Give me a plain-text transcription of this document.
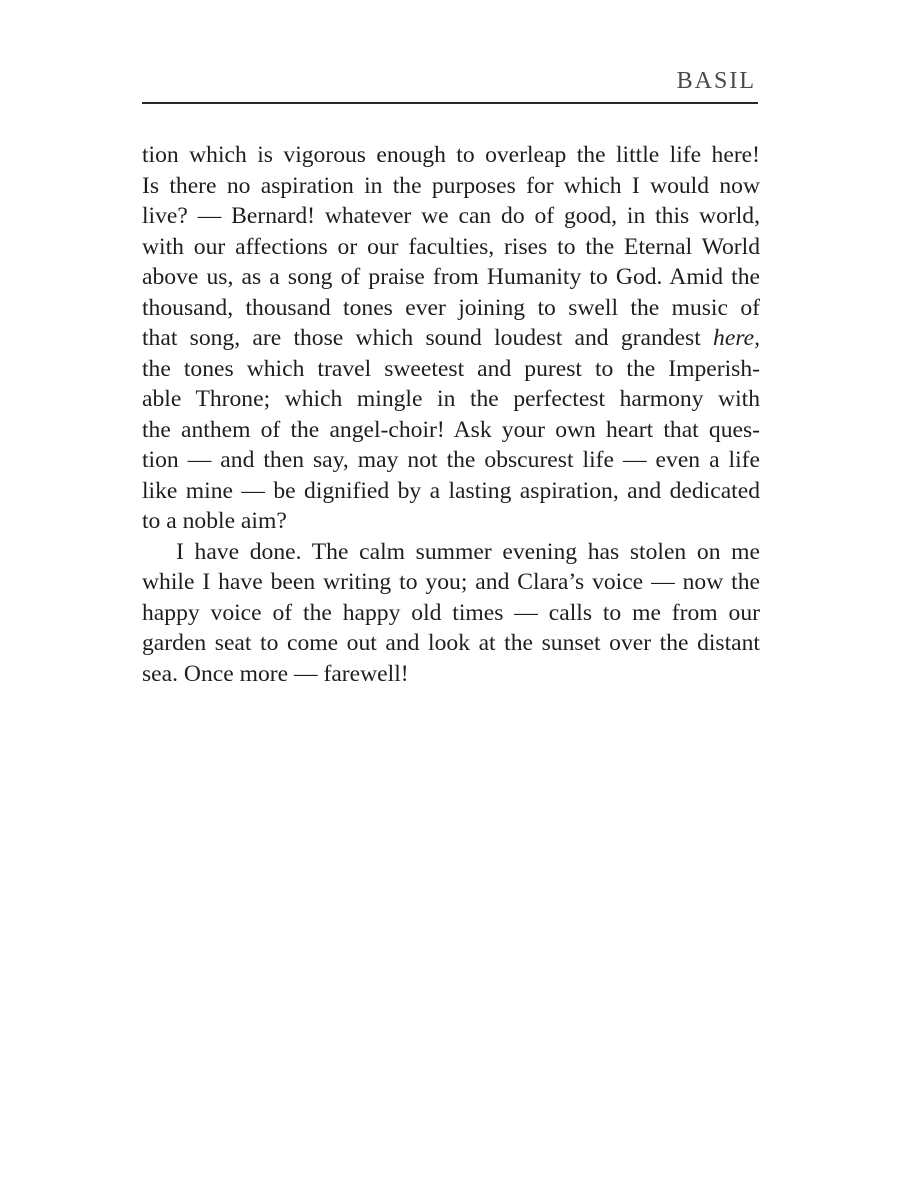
BASIL
tion which is vigorous enough to overleap the little life here!
Is there no aspiration in the purposes for which I would now
live? — Bernard! whatever we can do of good, in this world,
with our affections or our faculties, rises to the Eternal World
above us, as a song of praise from Humanity to God. Amid the
thousand, thousand tones ever joining to swell the music of
that song, are those which sound loudest and grandest here,
the tones which travel sweetest and purest to the Imperish-
able Throne; which mingle in the perfectest harmony with
the anthem of the angel-choir! Ask your own heart that ques-
tion — and then say, may not the obscurest life — even a life
like mine — be dignified by a lasting aspiration, and dedicated
to a noble aim?
I have done. The calm summer evening has stolen on me
while I have been writing to you; and Clara’s voice — now the
happy voice of the happy old times — calls to me from our
garden seat to come out and look at the sunset over the distant
sea. Once more — farewell!
